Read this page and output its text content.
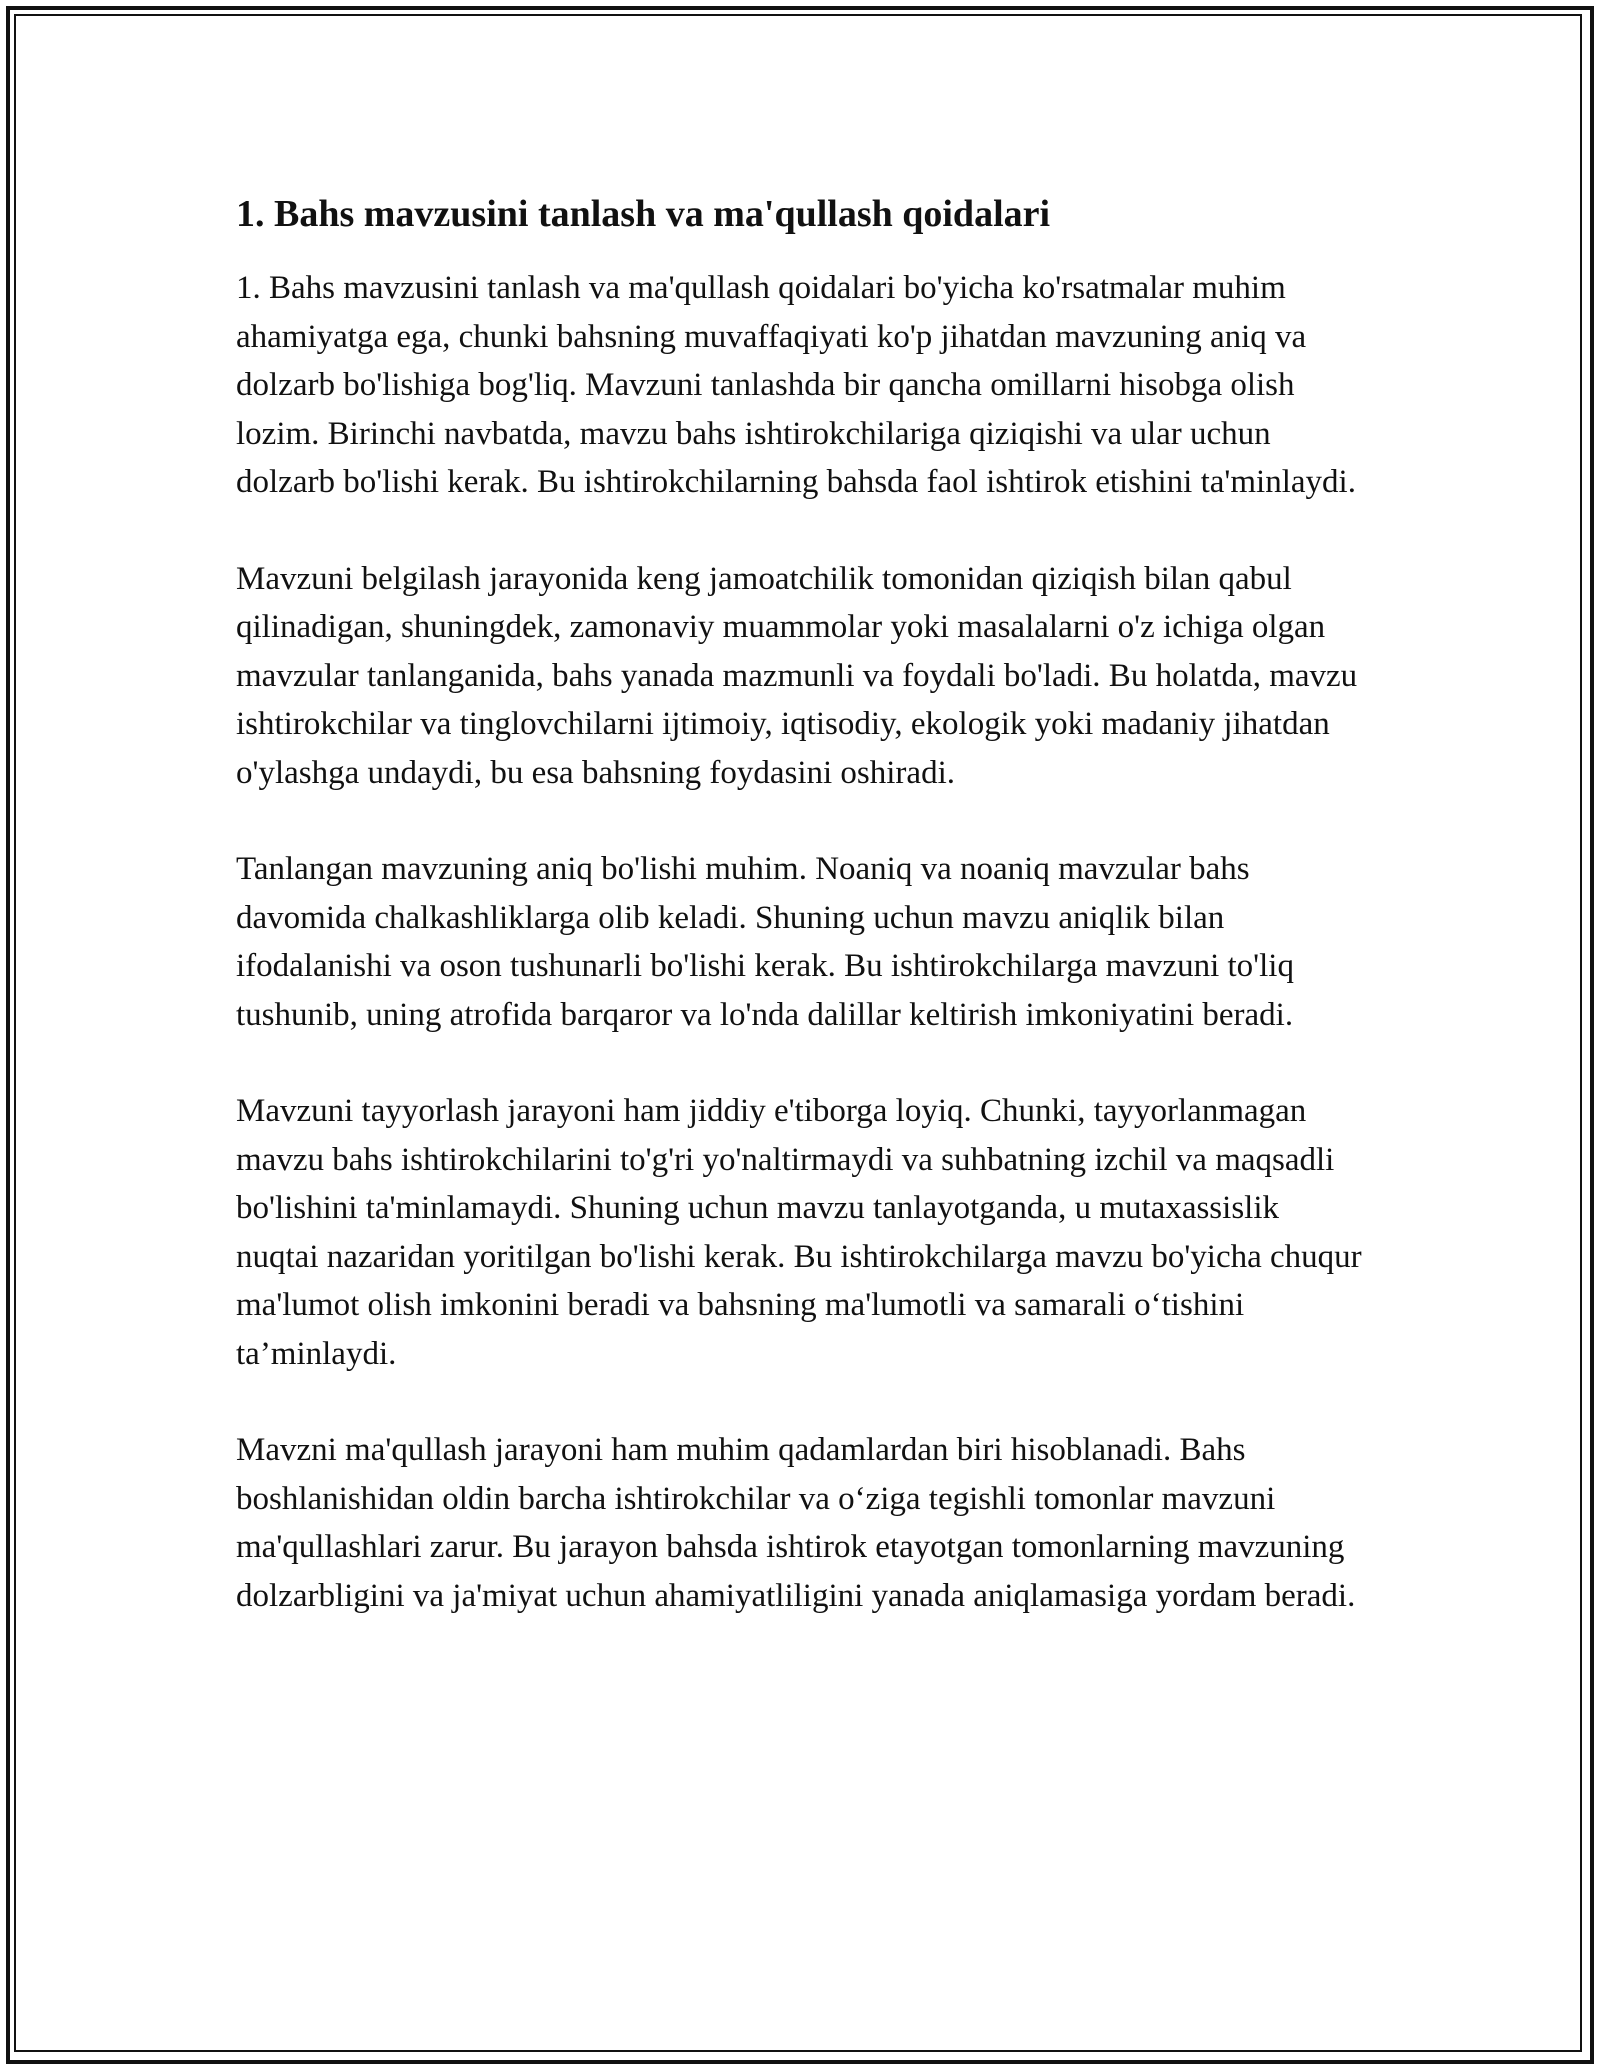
1. Bahs mavzusini tanlash va ma'qullash qoidalari

1. Bahs mavzusini tanlash va ma'qullash qoidalari bo'yicha ko'rsatmalar muhim ahamiyatga ega, chunki bahsning muvaffaqiyati ko'p jihatdan mavzuning aniq va dolzarb bo'lishiga bog'liq. Mavzuni tanlashda bir qancha omillarni hisobga olish lozim. Birinchi navbatda, mavzu bahs ishtirokchilariga qiziqishi va ular uchun dolzarb bo'lishi kerak. Bu ishtirokchilarning bahsda faol ishtirok etishini ta'minlaydi.

Mavzuni belgilash jarayonida keng jamoatchilik tomonidan qiziqish bilan qabul qilinadigan, shuningdek, zamonaviy muammolar yoki masalalarni o'z ichiga olgan mavzular tanlanganida, bahs yanada mazmunli va foydali bo'ladi. Bu holatda, mavzu ishtirokchilar va tinglovchilarni ijtimoiy, iqtisodiy, ekologik yoki madaniy jihatdan o'ylashga undaydi, bu esa bahsning foydasini oshiradi.

Tanlangan mavzuning aniq bo'lishi muhim. Noaniq va noaniq mavzular bahs davomida chalkashliklarga olib keladi. Shuning uchun mavzu aniqlik bilan ifodalanishi va oson tushunarli bo'lishi kerak. Bu ishtirokchilarga mavzuni to'liq tushunib, uning atrofida barqaror va lo'nda dalillar keltirish imkoniyatini beradi.

Mavzuni tayyorlash jarayoni ham jiddiy e'tiborga loyiq. Chunki, tayyorlanmagan mavzu bahs ishtirokchilarini to'g'ri yo'naltirmaydi va suhbatning izchil va maqsadli bo'lishini ta'minlamaydi. Shuning uchun mavzu tanlayotganda, u mutaxassislik nuqtai nazaridan yoritilgan bo'lishi kerak. Bu ishtirokchilarga mavzu bo'yicha chuqur ma'lumot olish imkonini beradi va bahsning ma'lumotli va samarali o‘tishini ta’minlaydi.

Mavzni ma'qullash jarayoni ham muhim qadamlardan biri hisoblanadi. Bahs boshlanishidan oldin barcha ishtirokchilar va o‘ziga tegishli tomonlar mavzuni ma'qullashlari zarur. Bu jarayon bahsda ishtirok etayotgan tomonlarning mavzuning dolzarbligini va ja'miyat uchun ahamiyatliligini yanada aniqlamasiga yordam beradi.
